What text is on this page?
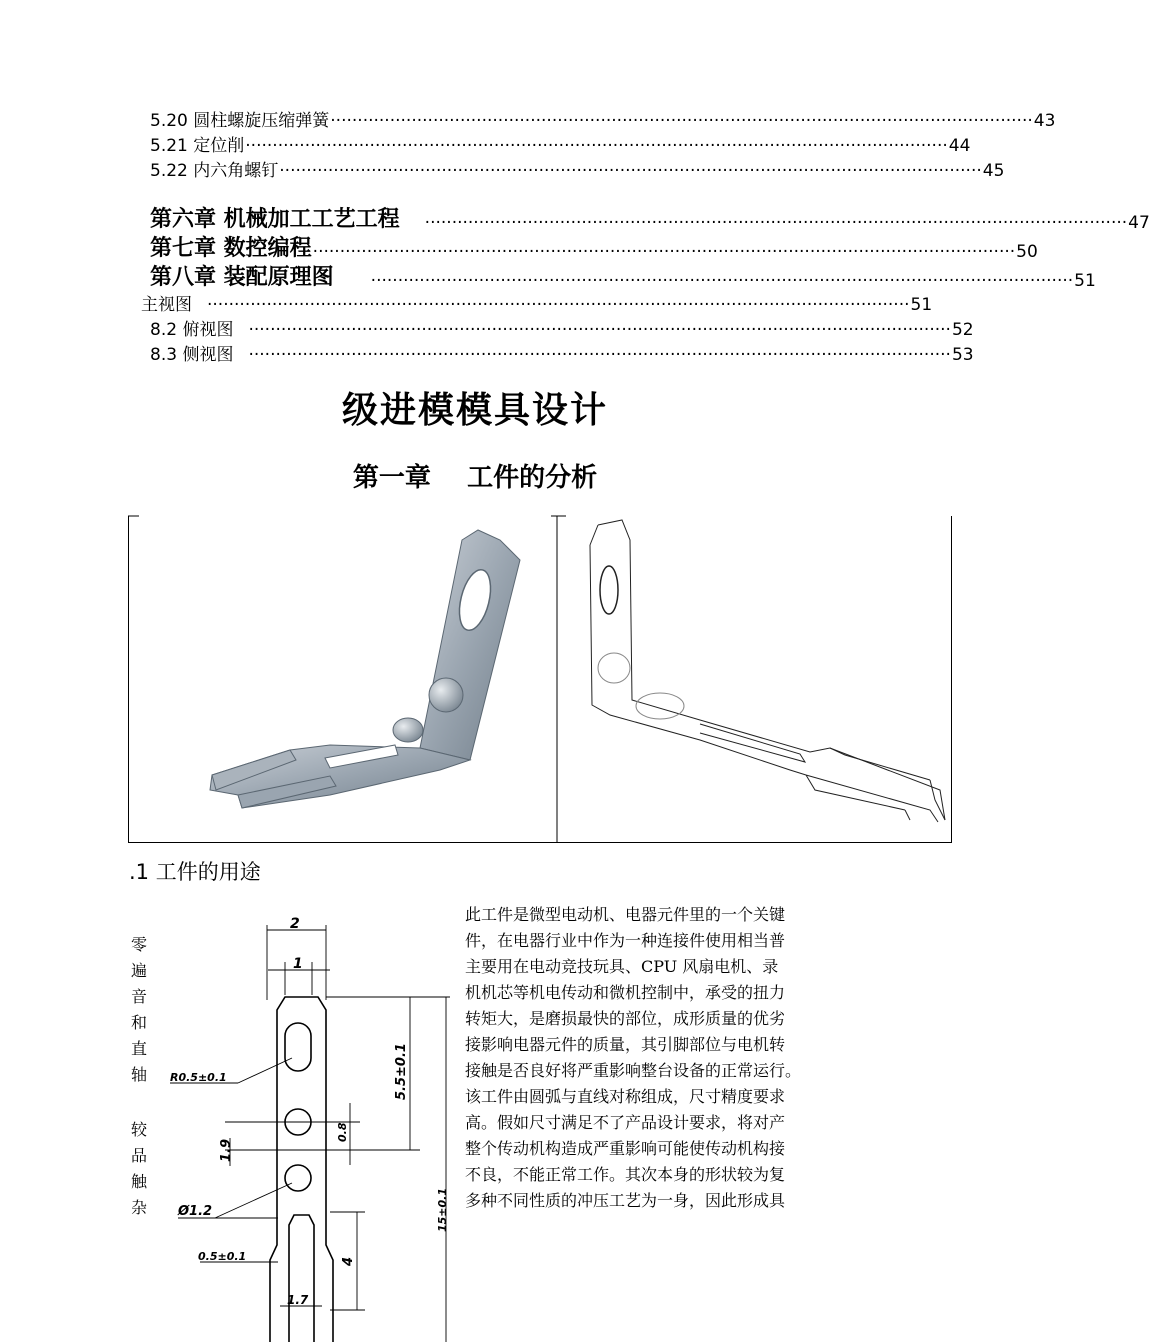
5.20 圆柱螺旋压缩弹簧 ·································································································································· 43
5.21 定位削 ·································································································································· 44
5.22 内六角螺钉 ·································································································································· 45
第六章 机械加工工艺工程 ·································································································································· 47
第七章 数控编程 ·································································································································· 50
第八章 装配原理图 ·································································································································· 51
主视图 ·································································································································· 51
8.2 俯视图 ·································································································································· 52
8.3 侧视图 ·································································································································· 53
级进模模具设计
第一章    工件的分析
.1 工件的用途
零
遍
音
和
直
轴
较
品
触
杂
2
1
R0.5±0.1	5.5±0.1
1.9
0.8
Ø1.2
0.5±0.1	4
15±0.1
1.7
此工件是微型电动机、电器元件里的一个关键
件，在电器行业中作为一种连接件使用相当普
主要用在电动竞技玩具、CPU 风扇电机、录
机机芯等机电传动和微机控制中，承受的扭力
转矩大，是磨损最快的部位，成形质量的优劣
接影响电器元件的质量，其引脚部位与电机转
接触是否良好将严重影响整台设备的正常运行。
该工件由圆弧与直线对称组成，尺寸精度要求
高。假如尺寸满足不了产品设计要求，将对产
整个传动机构造成严重影响可能使传动机构接
不良，不能正常工作。其次本身的形状较为复
多种不同性质的冲压工艺为一身，因此形成具
